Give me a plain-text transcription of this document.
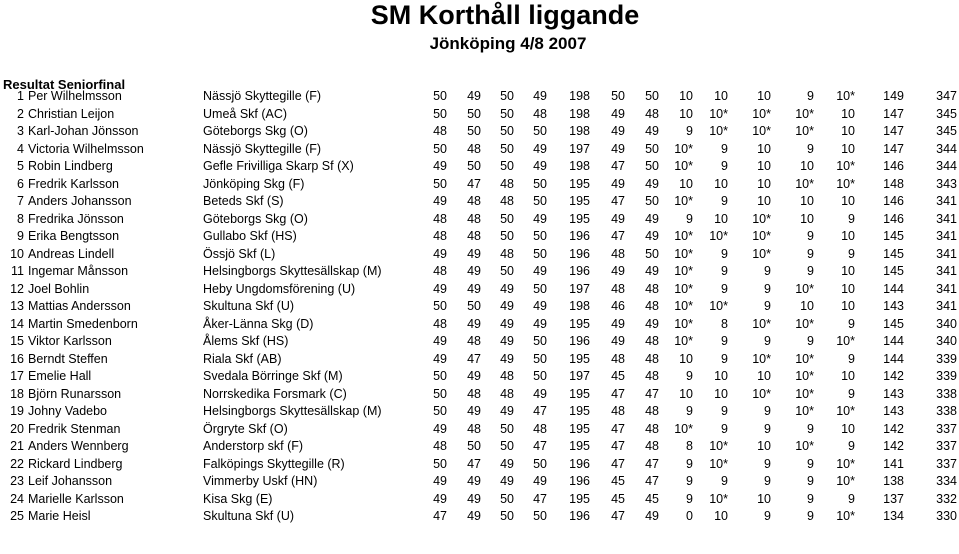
SM Korthåll liggande
Jönköping 4/8 2007
Resultat Seniorfinal
1 Per Wilhelmsson	Nässjö Skyttegille (F)	50	49	50	49	198	50	50	10	10	10	9	10*	149	347
2 Christian Leijon	Umeå Skf (AC)	50	50	50	48	198	49	48	10	10*	10*	10*	10	147	345
3 Karl-Johan Jönsson	Göteborgs Skg (O)	48	50	50	50	198	49	49	9	10*	10*	10*	10	147	345
4 Victoria Wilhelmsson	Nässjö Skyttegille (F)	50	48	50	49	197	49	50	10*	9	10	9	10	147	344
5 Robin Lindberg	Gefle Frivilliga Skarp Sf (X)	49	50	50	49	198	47	50	10*	9	10	10	10*	146	344
6 Fredrik Karlsson	Jönköping Skg (F)	50	47	48	50	195	49	49	10	10	10	10*	10*	148	343
7 Anders Johansson	Beteds Skf (S)	49	48	48	50	195	47	50	10*	9	10	10	10	146	341
8 Fredrika Jönsson	Göteborgs Skg (O)	48	48	50	49	195	49	49	9	10	10*	10	9	146	341
9 Erika Bengtsson	Gullabo Skf (HS)	48	48	50	50	196	47	49	10*	10*	10*	9	10	145	341
10 Andreas Lindell	Össjö Skf (L)	49	49	48	50	196	48	50	10*	9	10*	9	9	145	341
11 Ingemar Månsson	Helsingborgs Skyttesällskap (M)	48	49	50	49	196	49	49	10*	9	9	9	10	145	341
12 Joel Bohlin	Heby Ungdomsförening (U)	49	49	49	50	197	48	48	10*	9	9	10*	10	144	341
13 Mattias Andersson	Skultuna Skf (U)	50	50	49	49	198	46	48	10*	10*	9	10	10	143	341
14 Martin Smedenborn	Åker-Länna Skg (D)	48	49	49	49	195	49	49	10*	8	10*	10*	9	145	340
15 Viktor Karlsson	Ålems Skf (HS)	49	48	49	50	196	49	48	10*	9	9	9	10*	144	340
16 Berndt Steffen	Riala Skf (AB)	49	47	49	50	195	48	48	10	9	10*	10*	9	144	339
17 Emelie Hall	Svedala Börringe Skf (M)	50	49	48	50	197	45	48	9	10	10	10*	10	142	339
18 Björn Runarsson	Norrskedika Forsmark (C)	50	48	48	49	195	47	47	10	10	10*	10*	9	143	338
19 Johny Vadebo	Helsingborgs Skyttesällskap (M)	50	49	49	47	195	48	48	9	9	9	10*	10*	143	338
20 Fredrik Stenman	Örgryte Skf (O)	49	48	50	48	195	47	48	10*	9	9	9	10	142	337
21 Anders Wennberg	Anderstorp skf (F)	48	50	50	47	195	47	48	8	10*	10	10*	9	142	337
22 Rickard Lindberg	Falköpings Skyttegille (R)	50	47	49	50	196	47	47	9	10*	9	9	10*	141	337
23 Leif Johansson	Vimmerby Uskf (HN)	49	49	49	49	196	45	47	9	9	9	9	10*	138	334
24 Marielle Karlsson	Kisa Skg (E)	49	49	50	47	195	45	45	9	10*	10	9	9	137	332
25 Marie Heisl	Skultuna Skf (U)	47	49	50	50	196	47	49	0	10	9	9	10*	134	330
